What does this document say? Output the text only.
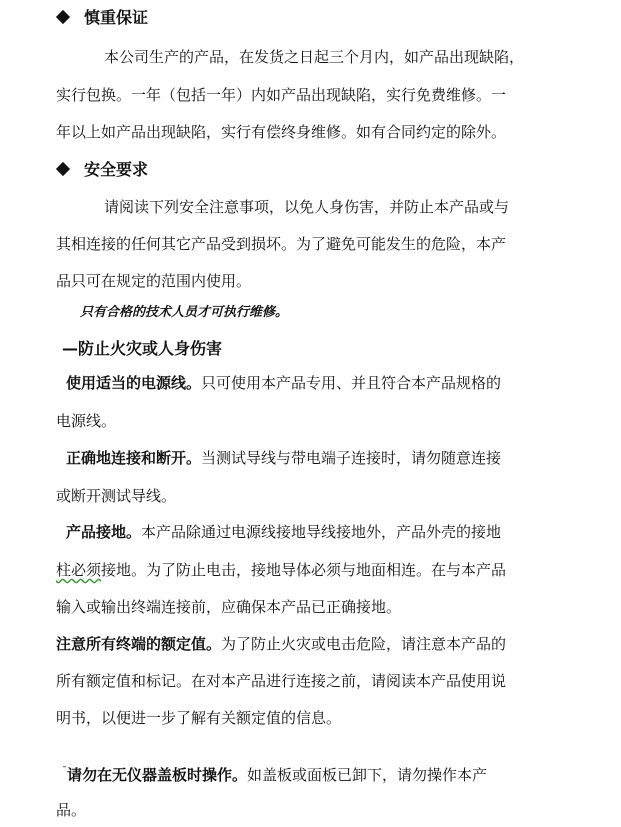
慎重保证
本公司生产的产品，在发货之日起三个月内，如产品出现缺陷，
实行包换。一年（包括一年）内如产品出现缺陷，实行免费维修。一
年以上如产品出现缺陷，实行有偿终身维修。如有合同约定的除外。
安全要求
请阅读下列安全注意事项，以免人身伤害，并防止本产品或与
其相连接的任何其它产品受到损坏。为了避免可能发生的危险，本产
品只可在规定的范围内使用。
只有合格的技术人员才可执行维修。
—防止火灾或人身伤害
使用适当的电源线。只可使用本产品专用、并且符合本产品规格的
电源线。
正确地连接和断开。当测试导线与带电端子连接时，请勿随意连接
或断开测试导线。
产品接地。本产品除通过电源线接地导线接地外，产品外壳的接地
柱必须接地。为了防止电击，接地导体必须与地面相连。在与本产品
输入或输出终端连接前，应确保本产品已正确接地。
注意所有终端的额定值。为了防止火灾或电击危险，请注意本产品的
所有额定值和标记。在对本产品进行连接之前，请阅读本产品使用说
明书，以便进一步了解有关额定值的信息。
$^ˉ$请勿在无仪器盖板时操作。如盖板或面板已卸下，请勿操作本产
品。
